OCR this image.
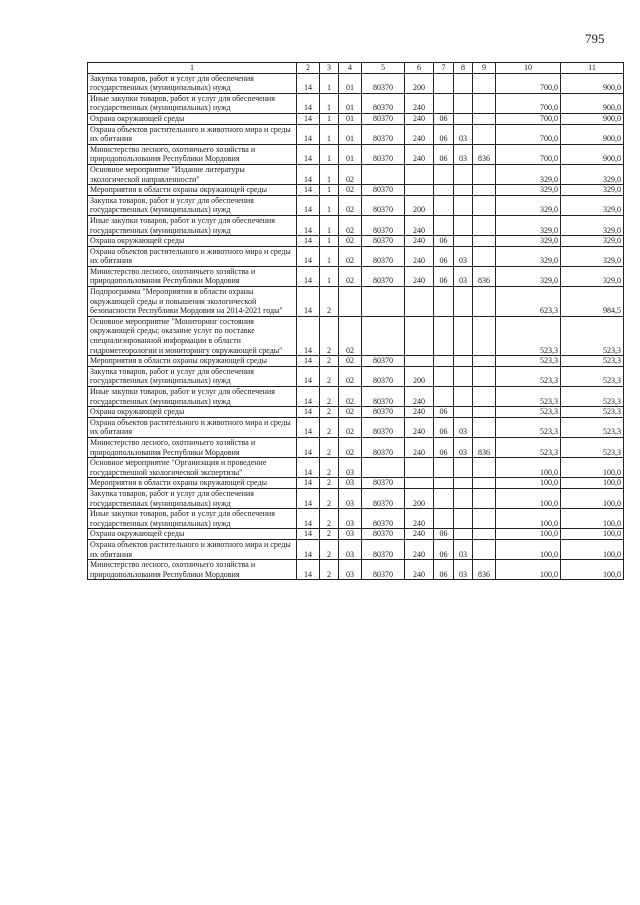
795
1	2	3	4	5	6	7	8	9	10	11
Закупка товаров, работ и услуг для обеспечения государственных (муниципальных) нужд	14	1	01	80370	200				700,0	900,0
Иные закупки товаров, работ и услуг для обеспечения государственных (муниципальных) нужд	14	1	01	80370	240				700,0	900,0
Охрана окружающей среды	14	1	01	80370	240	06			700,0	900,0
Охрана объектов растительного и животного мира и среды их обитания	14	1	01	80370	240	06	03		700,0	900,0
Министерство лесного, охотничьего хозяйства и природопользования Республики Мордовия	14	1	01	80370	240	06	03	836	700,0	900,0
Основное мероприятие "Издание литературы экологической направленности"	14	1	02						329,0	329,0
Мероприятия в области охраны окружающей среды	14	1	02	80370					329,0	329,0
Закупка товаров, работ и услуг для обеспечения государственных (муниципальных) нужд	14	1	02	80370	200				329,0	329,0
Иные закупки товаров, работ и услуг для обеспечения государственных (муниципальных) нужд	14	1	02	80370	240				329,0	329,0
Охрана окружающей среды	14	1	02	80370	240	06			329,0	329,0
Охрана объектов растительного и животного мира и среды их обитания	14	1	02	80370	240	06	03		329,0	329,0
Министерство лесного, охотничьего хозяйства и природопользования Республики Мордовия	14	1	02	80370	240	06	03	836	329,0	329,0
Подпрограмма "Мероприятия в области охраны окружающей среды и повышения экологической безопасности Республики Мордовия на 2014-2021 годы"	14	2							623,3	984,5
Основное мероприятие "Мониторинг состояния окружающей среды; оказание услуг по поставке специализированной информации в области гидрометеорологии и мониторингу окружающей среды"	14	2	02						523,3	523,3
Мероприятия в области охраны окружающей среды	14	2	02	80370					523,3	523,3
Закупка товаров, работ и услуг для обеспечения государственных (муниципальных) нужд	14	2	02	80370	200				523,3	523,3
Иные закупки товаров, работ и услуг для обеспечения государственных (муниципальных) нужд	14	2	02	80370	240				523,3	523,3
Охрана окружающей среды	14	2	02	80370	240	06			523,3	523,3
Охрана объектов растительного и животного мира и среды их обитания	14	2	02	80370	240	06	03		523,3	523,3
Министерство лесного, охотничьего хозяйства и природопользования Республики Мордовия	14	2	02	80370	240	06	03	836	523,3	523,3
Основное мероприятие "Организация и проведение государственной экологической экспертизы"	14	2	03						100,0	100,0
Мероприятия в области охраны окружающей среды	14	2	03	80370					100,0	100,0
Закупка товаров, работ и услуг для обеспечения государственных (муниципальных) нужд	14	2	03	80370	200				100,0	100,0
Иные закупки товаров, работ и услуг для обеспечения государственных (муниципальных) нужд	14	2	03	80370	240				100,0	100,0
Охрана окружающей среды	14	2	03	80370	240	06			100,0	100,0
Охрана объектов растительного и животного мира и среды их обитания	14	2	03	80370	240	06	03		100,0	100,0
Министерство лесного, охотничьего хозяйства и природопользования Республики Мордовия	14	2	03	80370	240	06	03	836	100,0	100,0
